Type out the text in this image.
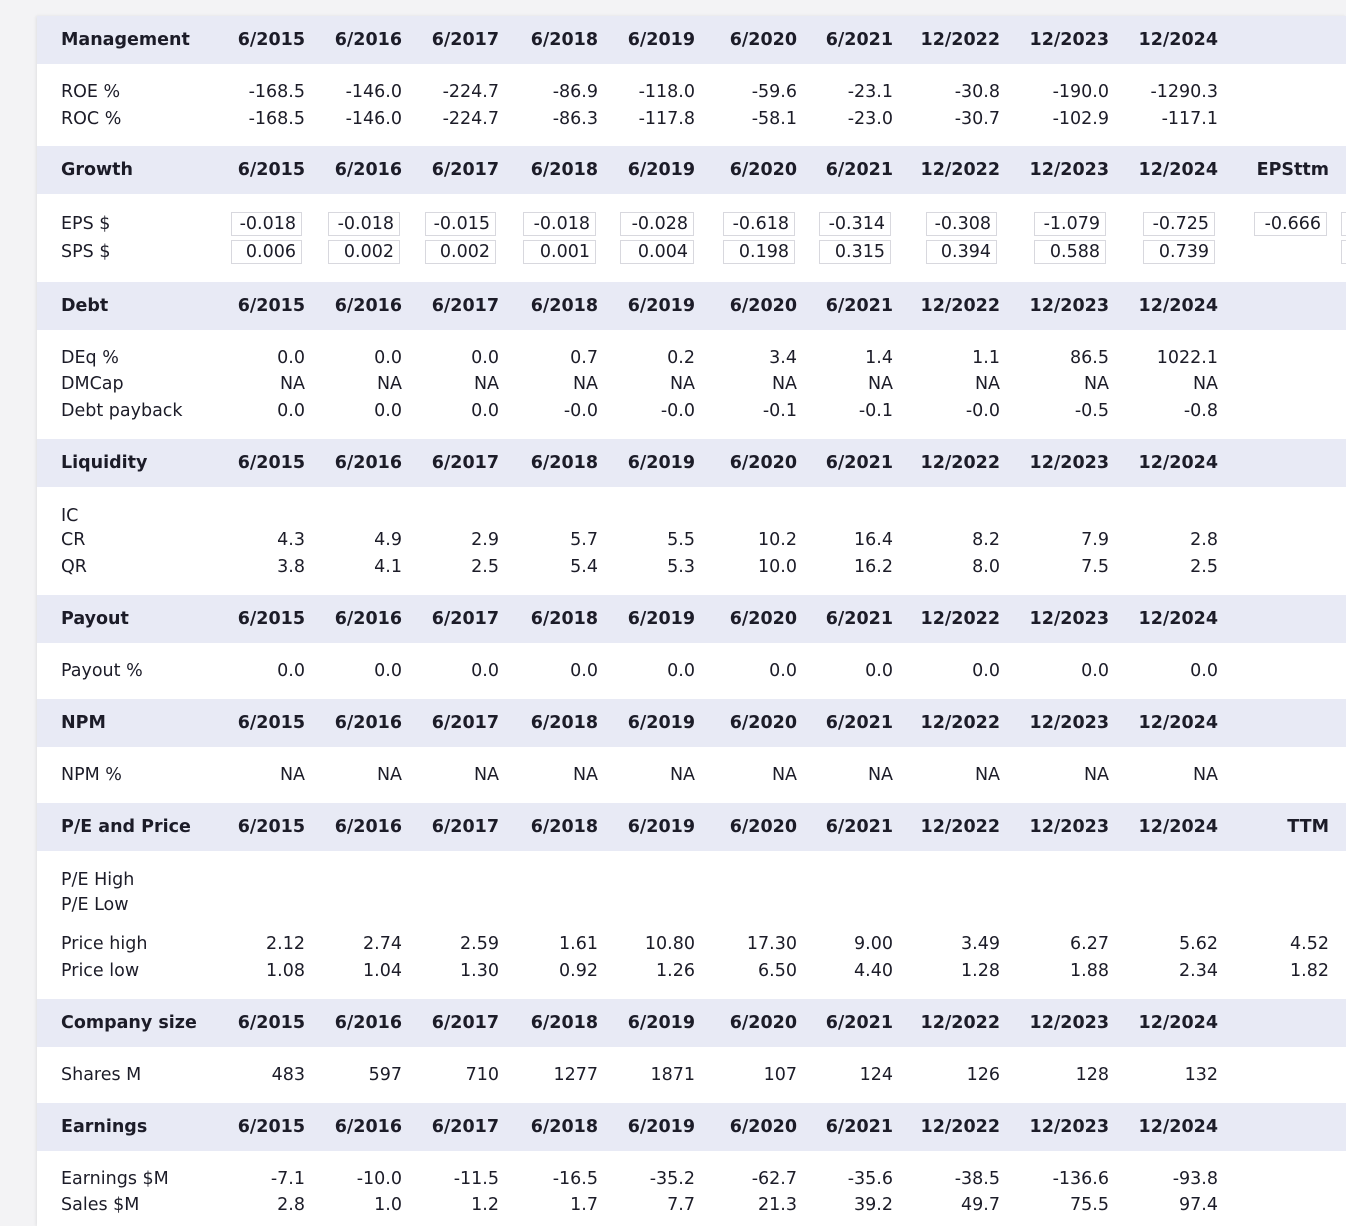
Management	6/2015 6/2016 6/2017 6/2018 6/2019 6/2020 6/2021 12/2022 12/2023 12/2024
ROE %	-168.5 -146.0 -224.7	-86.9 -118.0	-59.6	-23.1	-30.8	-190.0 -1290.3
ROC %	-168.5 -146.0 -224.7	-86.3 -117.8	-58.1	-23.0	-30.7	-102.9	-117.1
Growth	6/2015 6/2016 6/2017 6/2018 6/2019 6/2020 6/2021 12/2022 12/2023 12/2024 EPSttm
EPS $	-0.018	-0.018	-0.015	-0.018	-0.028	-0.618	-0.314	-0.308	-1.079	-0.725	-0.666
SPS $	0.006	0.002	0.002	0.001	0.004	0.198	0.315	0.394	0.588	0.739
Debt	6/2015 6/2016 6/2017 6/2018 6/2019 6/2020 6/2021 12/2022 12/2023 12/2024
DEq %	0.0	0.0	0.0	0.7	0.2	3.4	1.4	1.1	86.5	1022.1
DMCap	NA	NA	NA	NA	NA	NA	NA	NA	NA	NA
Debt payback	0.0	0.0	0.0	-0.0	-0.0	-0.1	-0.1	-0.0	-0.5	-0.8
Liquidity	6/2015 6/2016 6/2017 6/2018 6/2019 6/2020 6/2021 12/2022 12/2023 12/2024
IC
CR	4.3	4.9	2.9	5.7	5.5	10.2	16.4	8.2	7.9	2.8
QR	3.8	4.1	2.5	5.4	5.3	10.0	16.2	8.0	7.5	2.5
Payout	6/2015 6/2016 6/2017 6/2018 6/2019 6/2020 6/2021 12/2022 12/2023 12/2024
Payout %	0.0	0.0	0.0	0.0	0.0	0.0	0.0	0.0	0.0	0.0
NPM	6/2015 6/2016 6/2017 6/2018 6/2019 6/2020 6/2021 12/2022 12/2023 12/2024
NPM %	NA	NA	NA	NA	NA	NA	NA	NA	NA	NA
P/E and Price	6/2015 6/2016 6/2017 6/2018 6/2019 6/2020 6/2021 12/2022 12/2023 12/2024	TTM
P/E High
P/E Low
Price high	2.12	2.74	2.59	1.61	10.80	17.30	9.00	3.49	6.27	5.62	4.52
Price low	1.08	1.04	1.30	0.92	1.26	6.50	4.40	1.28	1.88	2.34	1.82
Company size 6/2015 6/2016 6/2017 6/2018 6/2019 6/2020 6/2021 12/2022 12/2023 12/2024
Shares M	483	597	710	1277	1871	107	124	126	128	132
Earnings	6/2015 6/2016 6/2017 6/2018 6/2019 6/2020 6/2021 12/2022 12/2023 12/2024
Earnings $M	-7.1	-10.0	-11.5	-16.5	-35.2	-62.7	-35.6	-38.5	-136.6	-93.8
Sales $M	2.8	1.0	1.2	1.7	7.7	21.3	39.2	49.7	75.5	97.4
